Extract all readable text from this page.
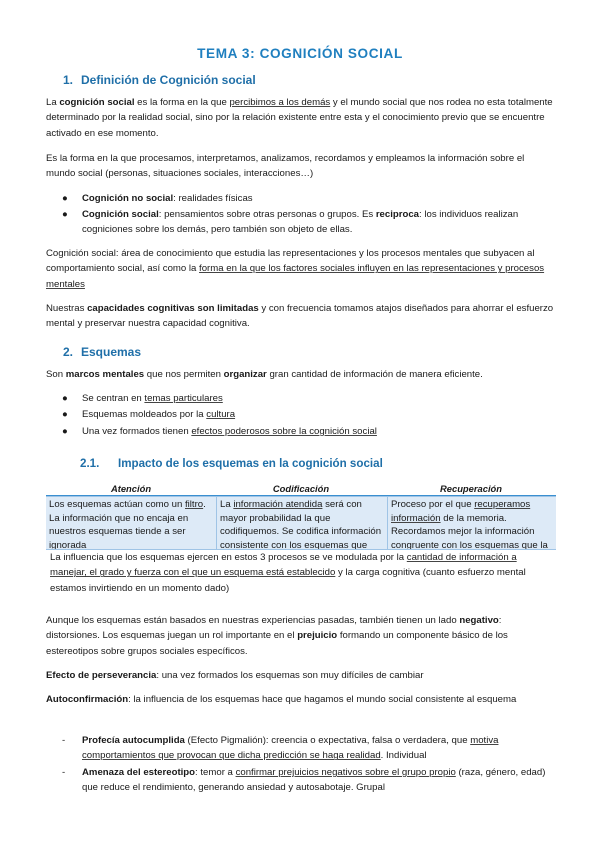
TEMA 3: COGNICIÓN SOCIAL
1. Definición de Cognición social

La cognición social es la forma en la que percibimos a los demás y el mundo social que nos rodea no esta totalmente determinado por la realidad social, sino por la relación existente entre esta y el conocimiento previo que se encuentre activado en ese momento.

Es la forma en la que procesamos, interpretamos, analizamos, recordamos y empleamos la información sobre el mundo social (personas, situaciones sociales, interacciones…)

● Cognición no social: realidades físicas
● Cognición social: pensamientos sobre otras personas o grupos. Es reciproca: los individuos realizan cogniciones sobre los demás, pero también son objeto de ellas.

Cognición social: área de conocimiento que estudia las representaciones y los procesos mentales que subyacen al comportamiento social, así como la forma en la que los factores sociales influyen en las representaciones y procesos mentales

Nuestras capacidades cognitivas son limitadas y con frecuencia tomamos atajos diseñados para ahorrar el esfuerzo mental y preservar nuestra capacidad cognitiva.

2. Esquemas

Son marcos mentales que nos permiten organizar gran cantidad de información de manera eficiente.

● Se centran en temas particulares
● Esquemas moldeados por la cultura
● Una vez formados tienen efectos poderosos sobre la cognición social
2.1. Impacto de los esquemas en la cognición social
Atención	Codificación	Recuperación
Los esquemas actúan como un filtro. La información que no encaja en nuestros esquemas tiende a ser ignorada
La información atendida será con mayor probabilidad la que codifiquemos. Se codifica información consistente con los esquemas que
Proceso por el que recuperamos información de la memoria. Recordamos mejor la información congruente con los esquemas que la
La influencia que los esquemas ejercen en estos 3 procesos se ve modulada por la cantidad de información a manejar, el grado y fuerza con el que un esquema está establecido y la carga cognitiva (cuanto esfuerzo mental estamos invirtiendo en un momento dado)

Aunque los esquemas están basados en nuestras experiencias pasadas, también tienen un lado negativo: distorsiones. Los esquemas juegan un rol importante en el prejuicio formando un componente básico de los estereotipos sobre grupos sociales específicos.

Efecto de perseverancia: una vez formados los esquemas son muy difíciles de cambiar

Autoconfirmación: la influencia de los esquemas hace que hagamos el mundo social consistente al esquema

- Profecía autocumplida (Efecto Pigmalión): creencia o expectativa, falsa o verdadera, que motiva comportamientos que provocan que dicha predicción se haga realidad. Individual
- Amenaza del estereotipo: temor a confirmar prejuicios negativos sobre el grupo propio (raza, género, edad) que reduce el rendimiento, generando ansiedad y autosabotaje. Grupal
